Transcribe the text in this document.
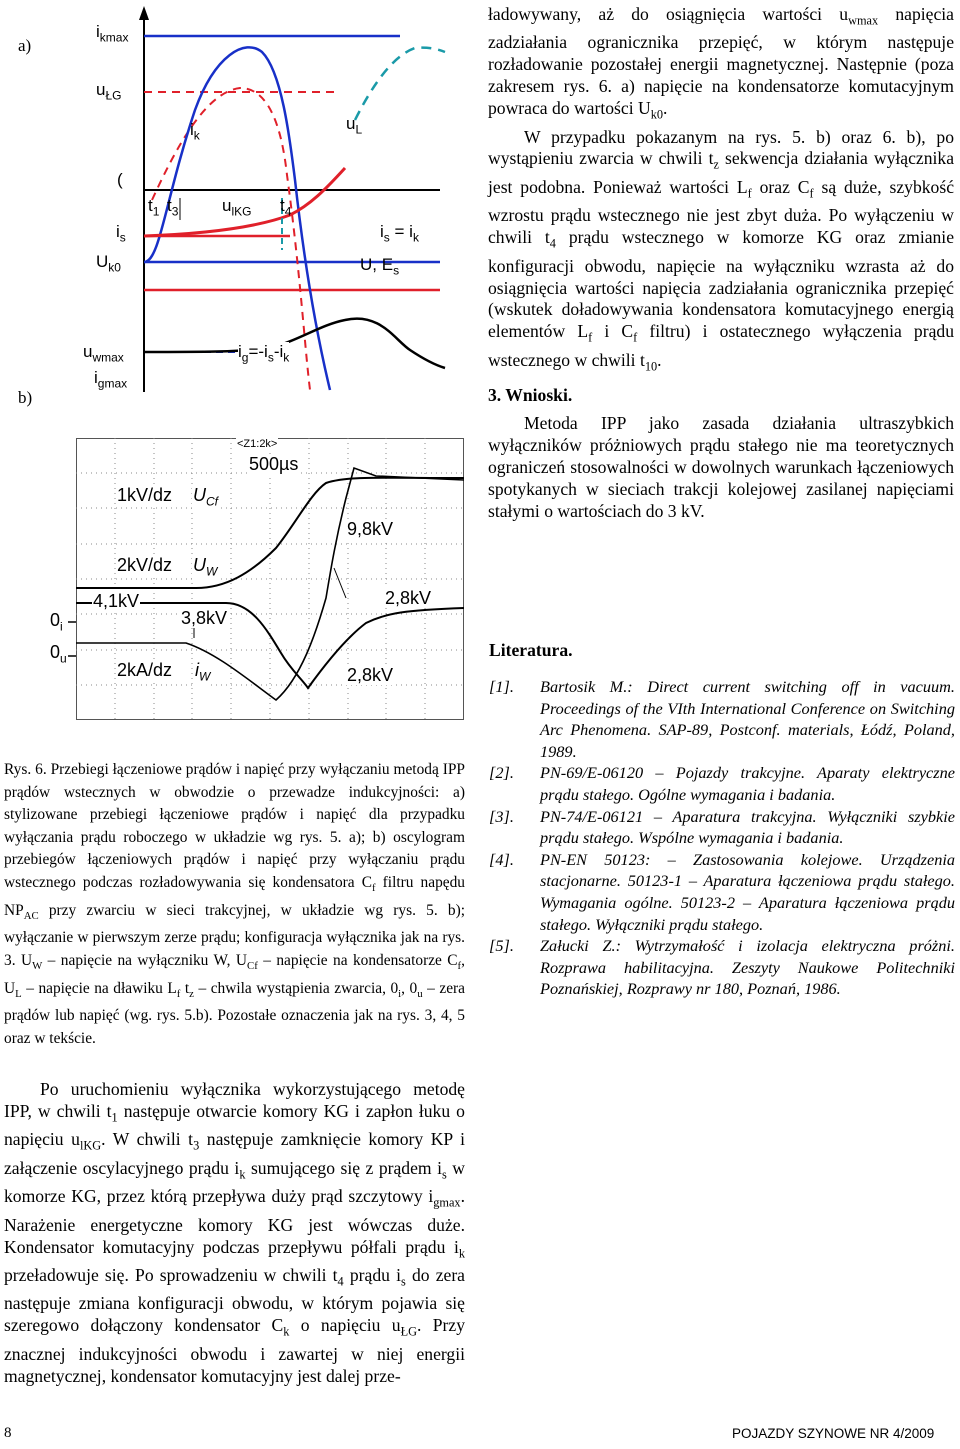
a)
$i_{kmax}$
$u_{ŁG}$
(
$i_s$
$U_{k0}$
$u_{wmax}$
$i_{gmax}$
$i_k$
$u_L$
$t_1$ $t_3$	$u_{lKG}$ $t_4$
$i_s = i_k$
U, $E_s$
$i_g=-i_s-i_k$
b)
$0_i$
$0_u$
<Z1:2k>
500µs
1kV/dz $U_{Cf}$
9,8kV
2kV/dz $U_W$
4,1kV	2,8kV
3,8kV
2kA/dz $i_W$	2,8kV
Rys. 6. Przebiegi łączeniowe prądów i napięć przy wyłączaniu metodą IPP prądów wstecznych w obwodzie o przewadze indukcyjności: a) stylizowane przebiegi łączeniowe prądów i napięć dla przypadku wyłączania prądu roboczego w układzie wg rys. 5. a); b) oscylogram przebiegów łączeniowych prądów i napięć przy wyłączaniu prądu wstecznego podczas rozładowywania się kondensatora $C_f$ filtru napędu $NP_{AC}$ przy zwarciu w sieci trakcyjnej, w układzie wg rys. 5. b); wyłączanie w pierwszym zerze prądu; konfiguracja wyłącznika jak na rys. 3. $U_W$ – napięcie na wyłączniku W, $U_{Cf}$ – napięcie na kondensatorze $C_f$, $U_L$ – napięcie na dławiku $L_f$ $t_z$ – chwila wystąpienia zwarcia, $0_i$, $0_u$ – zera prądów lub napięć (wg. rys. 5.b). Pozostałe oznaczenia jak na rys. 3, 4, 5 oraz w tekście.

Po uruchomieniu wyłącznika wykorzystującego metodę IPP, w chwili $t_1$ następuje otwarcie komory KG i zapłon łuku o napięciu $u_{lKG}$. W chwili $t_3$ następuje zamknięcie komory KP i załączenie oscylacyjnego prądu $i_k$ sumującego się z prądem $i_s$ w komorze KG, przez którą przepływa duży prąd szczytowy $i_{gmax}$. Narażenie energetyczne komory KG jest wówczas duże. Kondensator komutacyjny podczas przepływu półfali prądu $i_k$ przeładowuje się. Po sprowadzeniu w chwili $t_4$ prądu $i_s$ do zera następuje zmiana konfiguracji obwodu, w którym pojawia się szeregowo dołączony kondensator $C_k$ o napięciu $u_{ŁG}$. Przy znacznej indukcyjności obwodu i zawartej w niej energii magnetycznej, kondensator komutacyjny jest dalej prze-

ładowywany, aż do osiągnięcia wartości $u_{wmax}$ napięcia zadziałania ogranicznika przepięć, w którym następuje rozładowanie pozostałej energii magnetycznej. Następnie (poza zakresem rys. 6. a) napięcie na kondensatorze komutacyjnym powraca do wartości $U_{k0}$.

W przypadku pokazanym na rys. 5. b) oraz 6. b), po wystąpieniu zwarcia w chwili $t_z$ sekwencja działania wyłącznika jest podobna. Ponieważ wartości $L_f$ oraz $C_f$ są duże, szybkość wzrostu prądu wstecznego nie jest zbyt duża. Po wyłączeniu w chwili $t_4$ prądu wstecznego w komorze KG oraz zmianie konfiguracji obwodu, napięcie na wyłączniku wzrasta aż do osiągnięcia wartości napięcia zadziałania ogranicznika przepięć (wskutek doładowywania kondensatora komutacyjnego energią elementów $L_f$ i $C_f$ filtru) i ostatecznego wyłączenia prądu wstecznego w chwili $t_{10}$.

3. Wnioski.

Metoda IPP jako zasada działania ultraszybkich wyłączników próżniowych prądu stałego nie ma teoretycznych ograniczeń stosowalności w dowolnych warunkach łączeniowych spotykanych w sieciach trakcji kolejowej zasilanej napięciami stałymi o wartościach do 3 kV.

Literatura.
[1].	Bartosik M.: Direct current switching off in vacuum. Proceedings of the VIth International Conference on Switching Arc Phenomena. SAP-89, Postconf. materials, Łódź, Poland, 1989.
[2].	PN-69/E-06120 – Pojazdy trakcyjne. Aparaty elektryczne prądu stałego. Ogólne wymagania i badania.
[3].	PN-74/E-06121 – Aparatura trakcyjna. Wyłączniki szybkie prądu stałego. Wspólne wymagania i badania.
[4].	PN-EN 50123: – Zastosowania kolejowe. Urządzenia stacjonarne. 50123-1 – Aparatura łączeniowa prądu stałego. Wymagania ogólne. 50123-2 – Aparatura łączeniowa prądu stałego. Wyłączniki prądu stałego.
[5].	Załucki Z.: Wytrzymałość i izolacja elektryczna próżni. Rozprawa habilitacyjna. Zeszyty Naukowe Politechniki Poznańskiej, Rozprawy nr 180, Poznań, 1986.
8	POJAZDY SZYNOWE NR 4/2009
